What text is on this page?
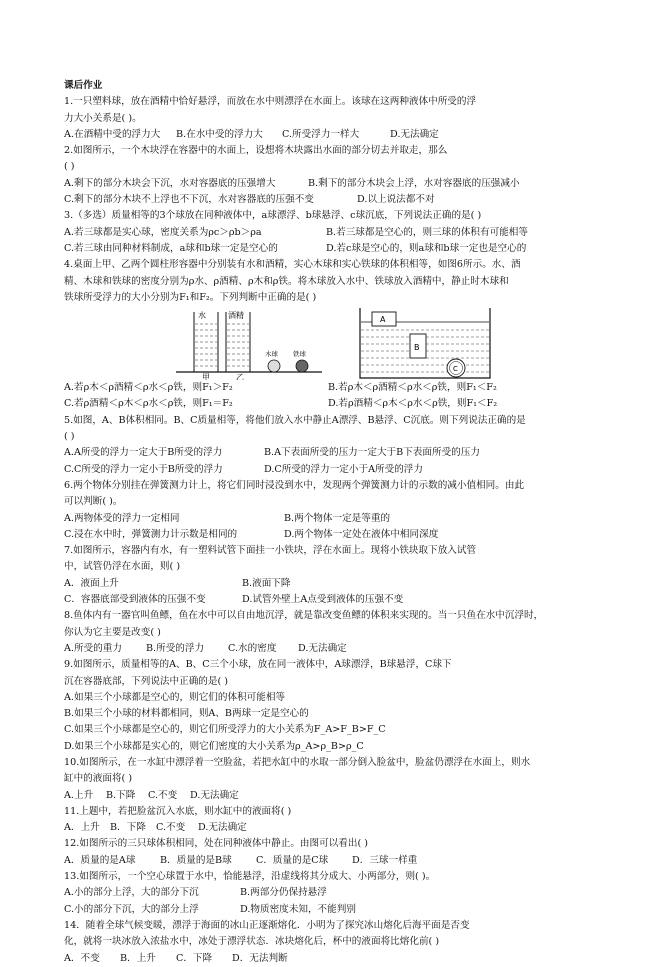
课后作业
1.一只塑料球，放在酒精中恰好悬浮，而放在水中则漂浮在水面上。该球在这两种液体中所受的浮
力大小关系是( )。
A.在酒精中受的浮力大	B.在水中受的浮力大	C.所受浮力一样大	D.无法确定
2.如图所示，一个木块浮在容器中的水面上，设想将木块露出水面的部分切去并取走，那么
( )
A.剩下的部分木块会下沉，水对容器底的压强增大	B.剩下的部分木块会上浮，水对容器底的压强减小
C.剩下的部分木块不上浮也不下沉，水对容器底的压强不变	D.以上说法都不对
3.（多选）质量相等的3个球放在同种液体中，a球漂浮、b球悬浮、c球沉底，下列说法正确的是( )
A.若三球都是实心球，密度关系为ρc＞ρb＞ρa	B.若三球都是空心的，则三球的体积有可能相等
C.若三球由同种材料制成，a球和b球一定是空心的	D.若c球是空心的，则a球和b球一定也是空心的
4.桌面上甲、乙两个圆柱形容器中分别装有水和酒精，实心木球和实心铁球的体积相等，如图6所示。水、酒
精、木球和铁球的密度分别为ρ水、ρ酒精、ρ木和ρ铁。将木球放入水中、铁球放入酒精中，静止时木球和
铁球所受浮力的大小分别为F₁和F₂。下列判断中正确的是( )
水	酒精
甲	乙
木球 铁球
A
B
C
A.若ρ木＜ρ酒精＜ρ水＜ρ铁，则F₁＞F₂	B.若ρ木＜ρ酒精＜ρ水＜ρ铁，则F₁＜F₂
C.若ρ酒精＜ρ木＜ρ水＜ρ铁，则F₁＝F₂	D.若ρ酒精＜ρ木＜ρ水＜ρ铁，则F₁＜F₂
5.如图，A、B体积相同。B、C质量相等，将他们放入水中静止A漂浮、B悬浮、C沉底。则下列说法正确的是
( )
A.A所受的浮力一定大于B所受的浮力	B.A下表面所受的压力一定大于B下表面所受的压力
C.C所受的浮力一定小于B所受的浮力	D.C所受的浮力一定小于A所受的浮力
6.两个物体分别挂在弹簧测力计上，将它们同时浸没到水中，发现两个弹簧测力计的示数的减小值相同。由此
可以判断( )。
A.两物体受的浮力一定相同	B.两个物体一定是等重的
C.浸在水中时，弹簧测力计示数是相同的	D.两个物体一定处在液体中相同深度
7.如图所示，容器内有水，有一塑料试管下面挂一小铁块，浮在水面上。现将小铁块取下放入试管
中，试管仍浮在水面，则( )
A．液面上升	B.液面下降
C．容器底部受到液体的压强不变	D.试管外壁上A点受到液体的压强不变
8.鱼体内有一器官叫鱼鳔，鱼在水中可以自由地沉浮，就是靠改变鱼鳔的体积来实现的。当一只鱼在水中沉浮时，
你认为它主要是改变( )
A.所受的重力	B.所受的浮力	C.水的密度	D.无法确定
9.如图所示，质量相等的A、B、C三个小球，放在同一液体中，A球漂浮，B球悬浮，C球下
沉在容器底部，下列说法中正确的是( )
A.如果三个小球都是空心的，则它们的体积可能相等
B.如果三个小球的材料都相同，则A、B两球一定是空心的
C.如果三个小球都是空心的，则它们所受浮力的大小关系为F_A>F_B>F_C
D.如果三个小球都是实心的，则它们密度的大小关系为ρ_A>ρ_B>ρ_C
10.如图所示，在一水缸中漂浮着一空脸盆，若把水缸中的水取一部分倒入脸盆中，脸盆仍漂浮在水面上，则水
缸中的液面将( )
A.上升	B.下降	C.不变	D.无法确定
11.上题中，若把脸盆沉入水底，则水缸中的液面将( )
A．上升	B．下降	C.不变	D.无法确定
12.如图所示的三只球体积相同，处在同种液体中静止。由图可以看出( )
A．质量的是A球	B．质量的是B球	C．质量的是C球	D．三球一样重
13.如图所示，一个空心球置于水中，恰能悬浮，沿虚线将其分成大、小两部分，则( )。
A.小的部分上浮，大的部分下沉	B.两部分仍保持悬浮
C.小的部分下沉，大的部分上浮	D.物质密度未知，不能判别
14．随着全球气候变暖，漂浮于海面的冰山正逐渐熔化．小明为了探究冰山熔化后海平面是否变
化，就将一块冰放入浓盐水中，冰处于漂浮状态．冰块熔化后，杯中的液面将比熔化前( )
A．不变	B．上升	C．下降	D．无法判断
